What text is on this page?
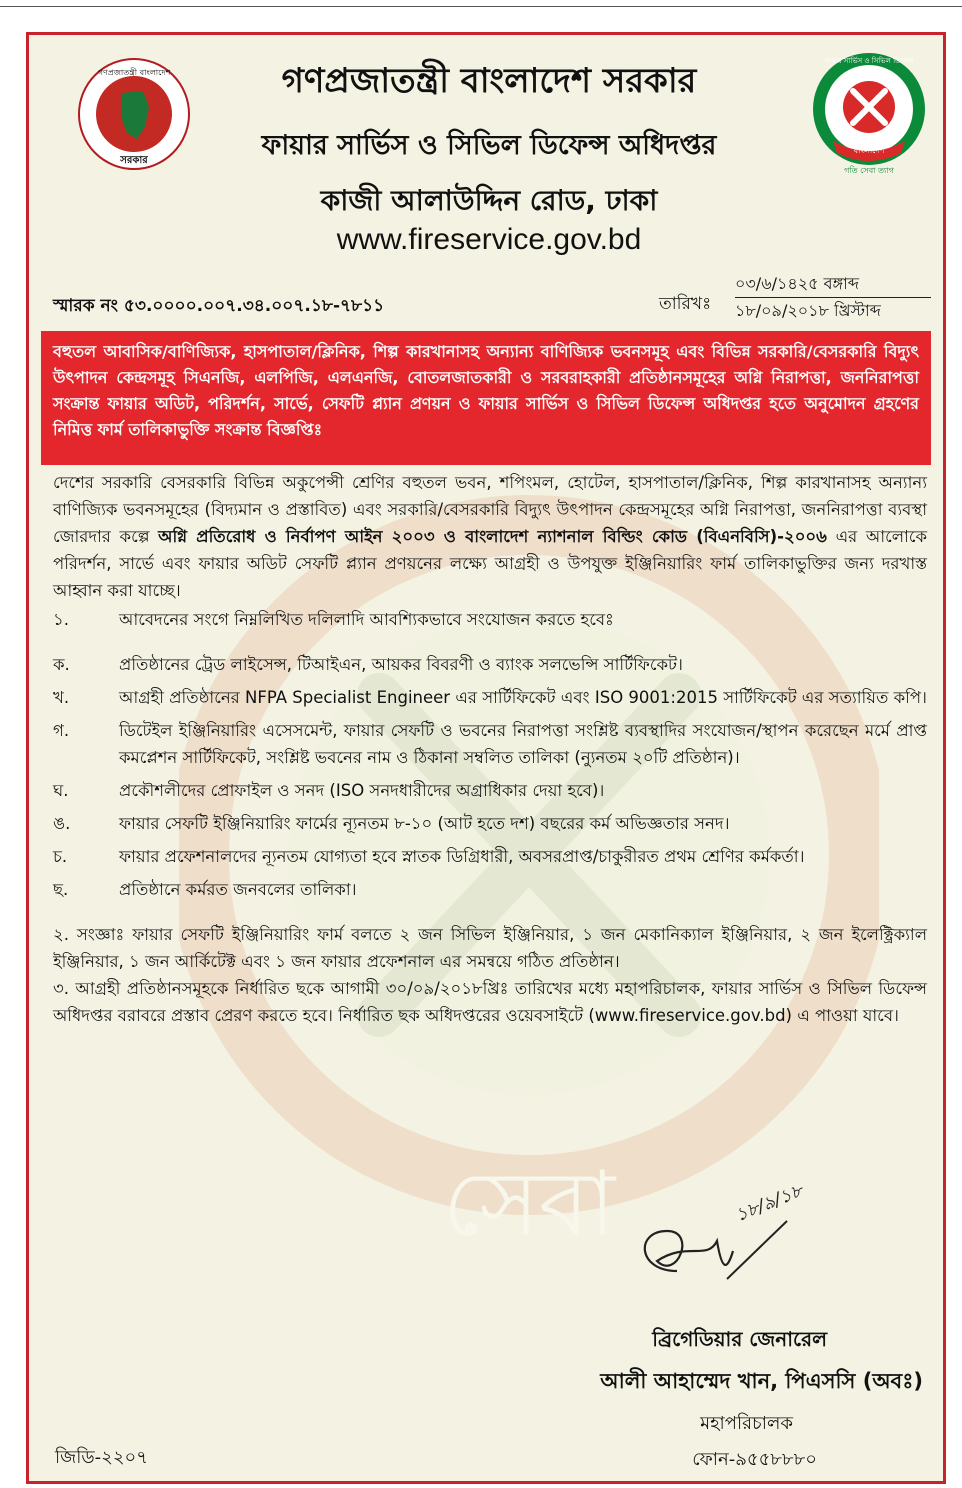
সেবা
গণপ্রজাতন্ত্রী বাংলাদেশ
সরকার
গণপ্রজাতন্ত্রী বাংলাদেশ সরকার
ফায়ার সার্ভিস ও সিভিল ডিফেন্স অধিদপ্তর
কাজী আলাউদ্দিন রোড, ঢাকা
www.fireservice.gov.bd
ফায়ার সার্ভিস ও সিভিল ডিফেন্স
বাংলাদেশ
গতি সেবা ত্যাগ
স্মারক নং ৫৩.০০০০.০০৭.৩৪.০০৭.১৮-৭৮১১	তারিখঃ
০৩/৬/১৪২৫ বঙ্গাব্দ
১৮/০৯/২০১৮ খ্রিস্টাব্দ
বহুতল আবাসিক/বাণিজ্যিক, হাসপাতাল/ক্লিনিক, শিল্প কারখানাসহ অন্যান্য বাণিজ্যিক ভবনসমূহ এবং বিভিন্ন সরকারি/বেসরকারি বিদ্যুৎ উৎপাদন কেন্দ্রসমূহ সিএনজি, এলপিজি, এলএনজি, বোতলজাতকারী ও সরবরাহকারী প্রতিষ্ঠানসমূহের অগ্নি নিরাপত্তা, জননিরাপত্তা সংক্রান্ত ফায়ার অডিট, পরিদর্শন, সার্ভে, সেফটি প্ল্যান প্রণয়ন ও ফায়ার সার্ভিস ও সিভিল ডিফেন্স অধিদপ্তর হতে অনুমোদন গ্রহণের নিমিত্ত ফার্ম তালিকাভুক্তি সংক্রান্ত বিজ্ঞপ্তিঃ

দেশের সরকারি বেসরকারি বিভিন্ন অকুপেন্সী শ্রেণির বহুতল ভবন, শপিংমল, হোটেল, হাসপাতাল/ক্লিনিক, শিল্প কারখানাসহ অন্যান্য বাণিজ্যিক ভবনসমূহের (বিদ্যমান ও প্রস্তাবিত) এবং সরকারি/বেসরকারি বিদ্যুৎ উৎপাদন কেন্দ্রসমূহের অগ্নি নিরাপত্তা, জননিরাপত্তা ব্যবস্থা জোরদার কল্পে অগ্নি প্রতিরোধ ও নির্বাপণ আইন ২০০৩ ও বাংলাদেশ ন্যাশনাল বিল্ডিং কোড (বিএনবিসি)-২০০৬ এর আলোকে পরিদর্শন, সার্ভে এবং ফায়ার অডিট সেফটি প্ল্যান প্রণয়নের লক্ষ্যে আগ্রহী ও উপযুক্ত ইঞ্জিনিয়ারিং ফার্ম তালিকাভুক্তির জন্য দরখাস্ত আহ্বান করা যাচ্ছে।

১.	আবেদনের সংগে নিম্নলিখিত দলিলাদি আবশ্যিকভাবে সংযোজন করতে হবেঃ
ক.	প্রতিষ্ঠানের ট্রেড লাইসেন্স, টিআইএন, আয়কর বিবরণী ও ব্যাংক সলভেন্সি সার্টিফিকেট।
খ.	আগ্রহী প্রতিষ্ঠানের NFPA Specialist Engineer এর সার্টিফিকেট এবং ISO 9001:2015 সার্টিফিকেট এর সত্যায়িত কপি।
গ.	ডিটেইল ইঞ্জিনিয়ারিং এসেসমেন্ট, ফায়ার সেফটি ও ভবনের নিরাপত্তা সংশ্লিষ্ট ব্যবস্থাদির সংযোজন/স্থাপন করেছেন মর্মে প্রাপ্ত কমপ্লেশন সার্টিফিকেট, সংশ্লিষ্ট ভবনের নাম ও ঠিকানা সম্বলিত তালিকা (ন্যুনতম ২০টি প্রতিষ্ঠান)।
ঘ.	প্রকৌশলীদের প্রোফাইল ও সনদ (ISO সনদধারীদের অগ্রাধিকার দেয়া হবে)।
ঙ.	ফায়ার সেফটি ইঞ্জিনিয়ারিং ফার্মের ন্যূনতম ৮-১০ (আট হতে দশ) বছরের কর্ম অভিজ্ঞতার সনদ।
চ.	ফায়ার প্রফেশনালদের ন্যূনতম যোগ্যতা হবে স্নাতক ডিগ্রিধারী, অবসরপ্রাপ্ত/চাকুরীরত প্রথম শ্রেণির কর্মকর্তা।
ছ.	প্রতিষ্ঠানে কর্মরত জনবলের তালিকা।

২. সংজ্ঞাঃ ফায়ার সেফটি ইঞ্জিনিয়ারিং ফার্ম বলতে ২ জন সিভিল ইঞ্জিনিয়ার, ১ জন মেকানিক্যাল ইঞ্জিনিয়ার, ২ জন ইলেক্ট্রিক্যাল ইঞ্জিনিয়ার, ১ জন আর্কিটেক্ট এবং ১ জন ফায়ার প্রফেশনাল এর সমন্বয়ে গঠিত প্রতিষ্ঠান।

৩. আগ্রহী প্রতিষ্ঠানসমূহকে নির্ধারিত ছকে আগামী ৩০/০৯/২০১৮খ্রিঃ তারিখের মধ্যে মহাপরিচালক, ফায়ার সার্ভিস ও সিভিল ডিফেন্স অধিদপ্তর বরাবরে প্রস্তাব প্রেরণ করতে হবে। নির্ধারিত ছক অধিদপ্তরের ওয়েবসাইটে (www.fireservice.gov.bd) এ পাওয়া যাবে।

১৮/৯/১৮
ব্রিগেডিয়ার জেনারেল
আলী আহাম্মেদ খান, পিএসসি (অবঃ)
মহাপরিচালক
ফোন-৯৫৫৮৮৮০
জিডি-২২০৭
